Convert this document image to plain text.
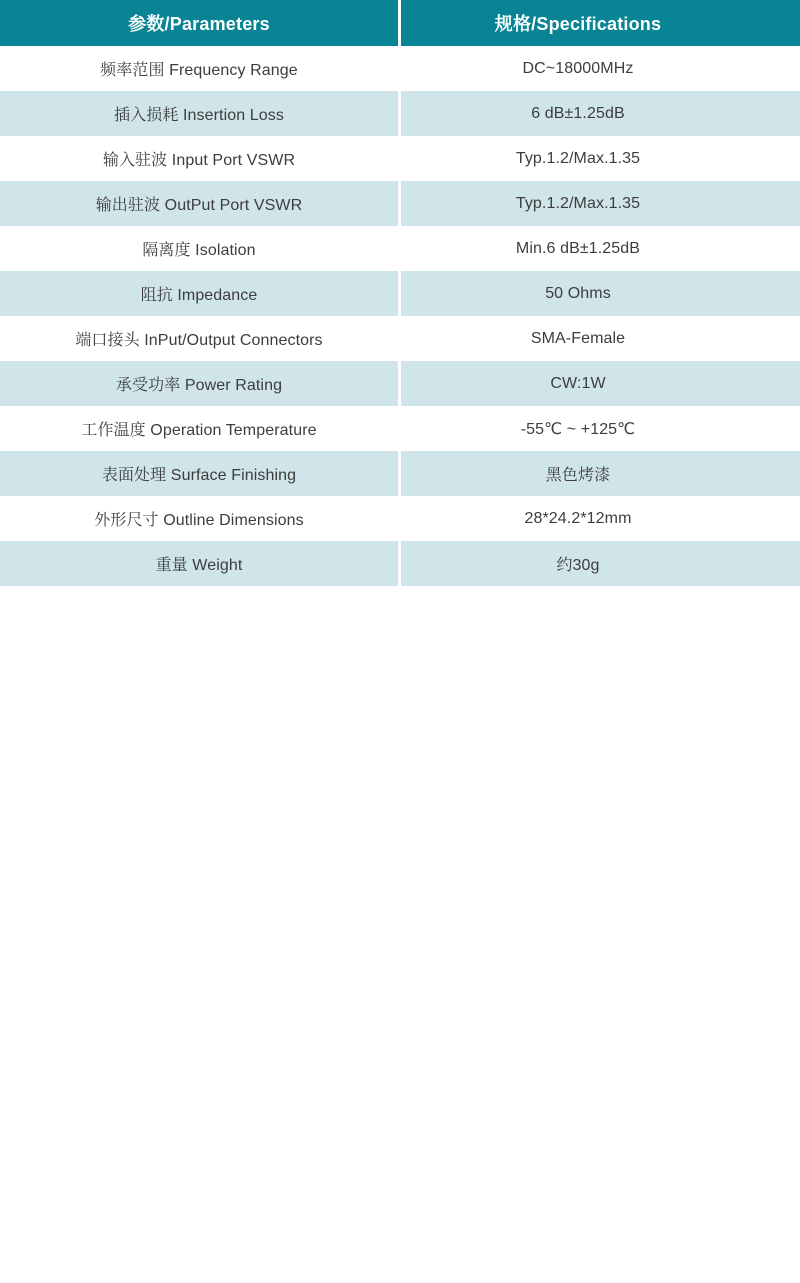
参数/Parameters	规格/Specifications
频率范围 Frequency Range	DC~18000MHz
插入损耗 Insertion Loss	6 dB±1.25dB
输入驻波 Input Port VSWR	Typ.1.2/Max.1.35
输出驻波 OutPut Port VSWR	Typ.1.2/Max.1.35
隔离度 Isolation	Min.6 dB±1.25dB
阻抗 Impedance	50 Ohms
端口接头 InPut/Output Connectors	SMA-Female
承受功率 Power Rating	CW:1W
工作温度 Operation Temperature	-55℃ ~ +125℃
表面处理 Surface Finishing	黑色烤漆
外形尺寸 Outline Dimensions	28*24.2*12mm
重量 Weight	约30g
